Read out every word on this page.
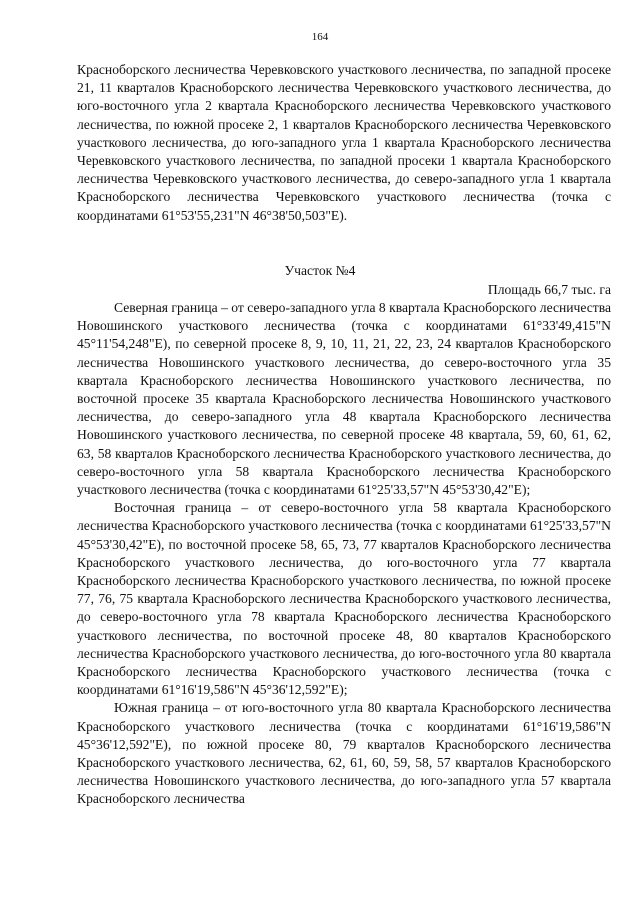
164

Красноборского лесничества Черевковского участкового лесничества, по западной просеке 21, 11 кварталов Красноборского лесничества Черевковского участкового лесничества, до юго-восточного угла 2 квартала Красноборского лесничества Черевковского участкового лесничества, по южной просеке 2, 1 кварталов Красноборского лесничества Черевковского участкового лесничества, до юго-западного угла 1 квартала Красноборского лесничества Черевковского участкового лесничества, по западной просеки 1 квартала Красноборского лесничества Черевковского участкового лесничества, до северо-западного угла 1 квартала Красноборского лесничества Черевковского участкового лесничества (точка с координатами 61°53'55,231"N 46°38'50,503"E).

Участок №4

Площадь 66,7 тыс. га

Северная граница – от северо-западного угла 8 квартала Красноборского лесничества Новошинского участкового лесничества (точка с координатами 61°33'49,415"N 45°11'54,248"E), по северной просеке 8, 9, 10, 11, 21, 22, 23, 24 кварталов Красноборского лесничества Новошинского участкового лесничества, до северо-восточного угла 35 квартала Красноборского лесничества Новошинского участкового лесничества, по восточной просеке 35 квартала Красноборского лесничества Новошинского участкового лесничества, до северо-западного угла 48 квартала Красноборского лесничества Новошинского участкового лесничества, по северной просеке 48 квартала, 59, 60, 61, 62, 63, 58 кварталов Красноборского лесничества Красноборского участкового лесничества, до северо-восточного угла 58 квартала Красноборского лесничества Красноборского участкового лесничества (точка с координатами 61°25'33,57"N 45°53'30,42"E);

Восточная граница – от северо-восточного угла 58 квартала Красноборского лесничества Красноборского участкового лесничества (точка с координатами 61°25'33,57"N 45°53'30,42"E), по восточной просеке 58, 65, 73, 77 кварталов Красноборского лесничества Красноборского участкового лесничества, до юго-восточного угла 77 квартала Красноборского лесничества Красноборского участкового лесничества, по южной просеке 77, 76, 75 квартала Красноборского лесничества Красноборского участкового лесничества, до северо-восточного угла 78 квартала Красноборского лесничества Красноборского участкового лесничества, по восточной просеке 48, 80 кварталов Красноборского лесничества Красноборского участкового лесничества, до юго-восточного угла 80 квартала Красноборского лесничества Красноборского участкового лесничества (точка с координатами 61°16'19,586"N 45°36'12,592"E);

Южная граница – от юго-восточного угла 80 квартала Красноборского лесничества Красноборского участкового лесничества (точка с координатами 61°16'19,586"N 45°36'12,592"E), по южной просеке 80, 79 кварталов Красноборского лесничества Красноборского участкового лесничества, 62, 61, 60, 59, 58, 57 кварталов Красноборского лесничества Новошинского участкового лесничества, до юго-западного угла 57 квартала Красноборского лесничества
